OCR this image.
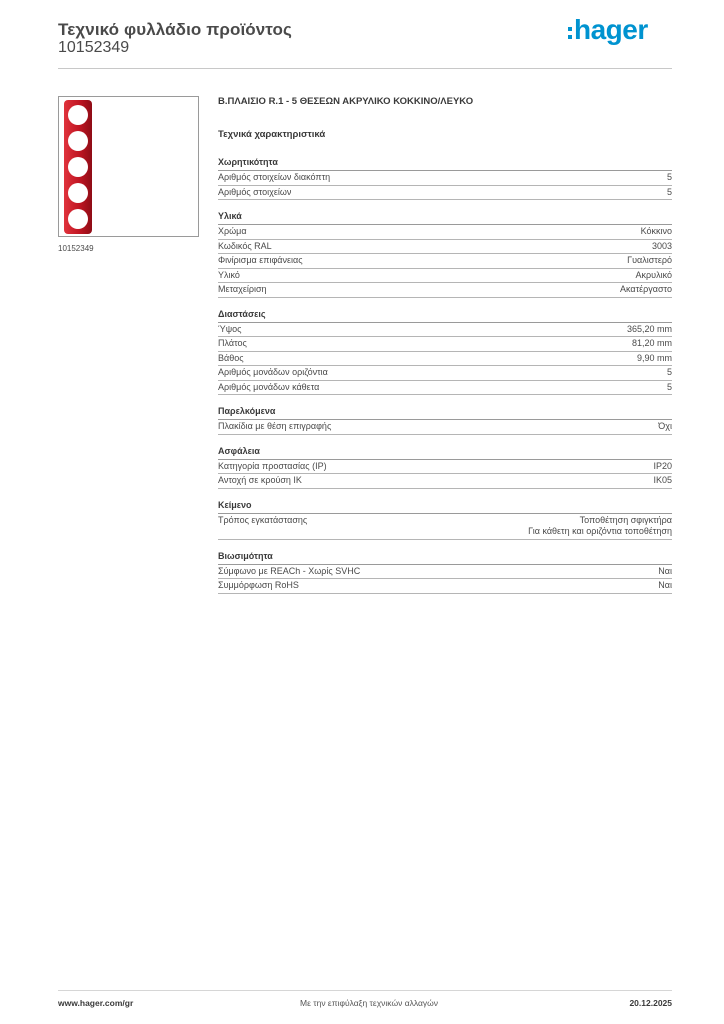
Τεχνικό φυλλάδιο προϊόντος
10152349
hager
10152349
Β.ΠΛΑΙΣΙΟ R.1 - 5 ΘΕΣΕΩΝ ΑΚΡΥΛΙΚΟ ΚΟΚΚΙΝΟ/ΛΕΥΚΟ
Τεχνικά χαρακτηριστικά
Χωρητικότητα
Αριθμός στοιχείων διακόπτη	5
Αριθμός στοιχείων	5
Υλικά
Χρώμα	Κόκκινο
Κωδικός RAL	3003
Φινίρισμα επιφάνειας	Γυαλιστερό
Υλικό	Ακρυλικό
Μεταχείριση	Ακατέργαστο
Διαστάσεις
Ύψος	365,20 mm
Πλάτος	81,20 mm
Βάθος	9,90 mm
Αριθμός μονάδων οριζόντια	5
Αριθμός μονάδων κάθετα	5
Παρελκόμενα
Πλακίδια με θέση επιγραφής	Όχι
Ασφάλεια
Κατηγορία προστασίας (IP)	IP20
Αντοχή σε κρούση IK	IK05
Κείμενο
Τρόπος εγκατάστασης	Τοποθέτηση σφιγκτήρα
Για κάθετη και οριζόντια τοποθέτηση
Βιωσιμότητα
Σύμφωνο με REACh - Χωρίς SVHC	Ναι
Συμμόρφωση RoHS	Ναι
www.hager.com/gr	Με την επιφύλαξη τεχνικών αλλαγών	20.12.2025
